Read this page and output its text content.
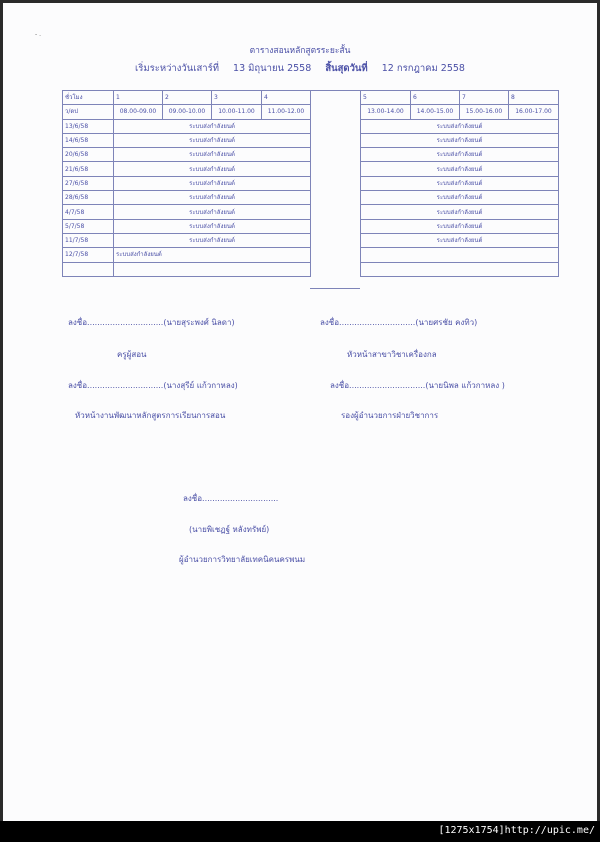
- .
ตารางสอนหลักสูตรระยะสั้น
เริ่มระหว่างวันเสาร์ที่ 13 มิถุนายน 2558 สิ้นสุดวันที่ 12 กรกฎาคม 2558
ชั่วโมง	1	2	3	4
ว/ดป	08.00-09.00	09.00-10.00	10.00-11.00	11.00-12.00
13/6/58	ระบบส่งกำลังยนต์			
14/6/58	ระบบส่งกำลังยนต์			
20/6/58	ระบบส่งกำลังยนต์			
21/6/58	ระบบส่งกำลังยนต์			
27/6/58	ระบบส่งกำลังยนต์			
28/6/58	ระบบส่งกำลังยนต์			
4/7/58	ระบบส่งกำลังยนต์			
5/7/58	ระบบส่งกำลังยนต์			
11/7/58	ระบบส่งกำลังยนต์			
12/7/58	ระบบส่งกำลังยนต์			

5	6	7	8
13.00-14.00	14.00-15.00	15.00-16.00	16.00-17.00
ระบบส่งกำลังยนต์			
ระบบส่งกำลังยนต์			
ระบบส่งกำลังยนต์			
ระบบส่งกำลังยนต์			
ระบบส่งกำลังยนต์			
ระบบส่งกำลังยนต์			
ระบบส่งกำลังยนต์			
ระบบส่งกำลังยนต์			
ระบบส่งกำลังยนต์			

ลงชื่อ..............................(นายสุระพงศ์ นิลดา)
ครูผู้สอน
ลงชื่อ..............................(นายศรชัย คงทิว)
หัวหน้าสาขาวิชาเครื่องกล
ลงชื่อ..............................(นางสุรีย์ แก้วกาหลง)
หัวหน้างานพัฒนาหลักสูตรการเรียนการสอน
ลงชื่อ..............................(นายนิพล แก้วกาหลง )
รองผู้อำนวยการฝ่ายวิชาการ
ลงชื่อ..............................
(นายพิเชฏฐ์ หลังทรัพย์)
ผู้อำนวยการวิทยาลัยเทคนิคนครพนม
[1275x1754]http://upic.me/
